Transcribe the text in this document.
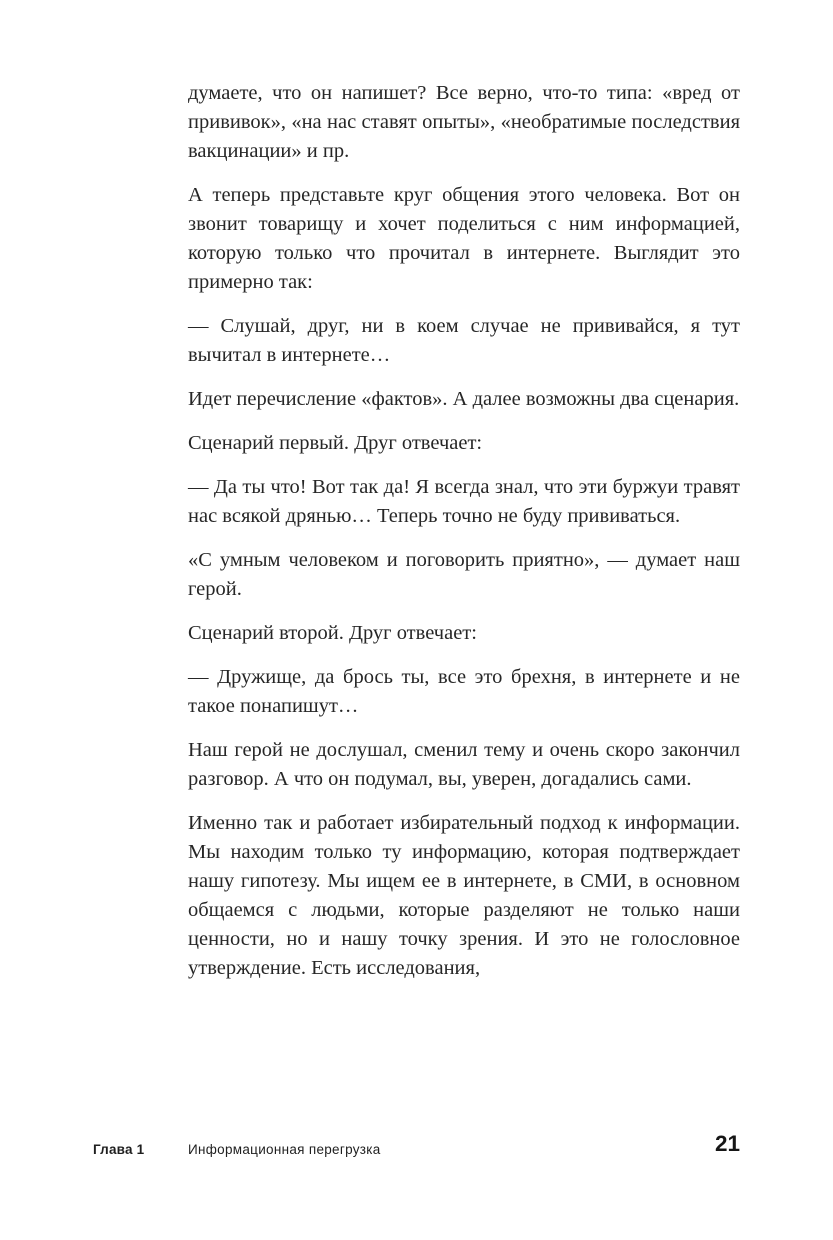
думаете, что он напишет? Все верно, что-то типа: «вред от прививок», «на нас ставят опыты», «необратимые последствия вакцинации» и пр.

А теперь представьте круг общения этого человека. Вот он звонит товарищу и хочет поделиться с ним информацией, которую только что прочитал в интернете. Выглядит это примерно так:

— Слушай, друг, ни в коем случае не прививайся, я тут вычитал в интернете…

Идет перечисление «фактов». А далее возможны два сценария.

Сценарий первый. Друг отвечает:

— Да ты что! Вот так да! Я всегда знал, что эти буржуи травят нас всякой дрянью… Теперь точно не буду прививаться.

«С умным человеком и поговорить приятно», — думает наш герой.

Сценарий второй. Друг отвечает:

— Дружище, да брось ты, все это брехня, в интернете и не такое понапишут…

Наш герой не дослушал, сменил тему и очень скоро закончил разговор. А что он подумал, вы, уверен, догадались сами.

Именно так и работает избирательный подход к информации. Мы находим только ту информацию, которая подтверждает нашу гипотезу. Мы ищем ее в интернете, в СМИ, в основном общаемся с людьми, которые разделяют не только наши ценности, но и нашу точку зрения. И это не голословное утверждение. Есть исследования,

Глава 1	Информационная перегрузка	21
